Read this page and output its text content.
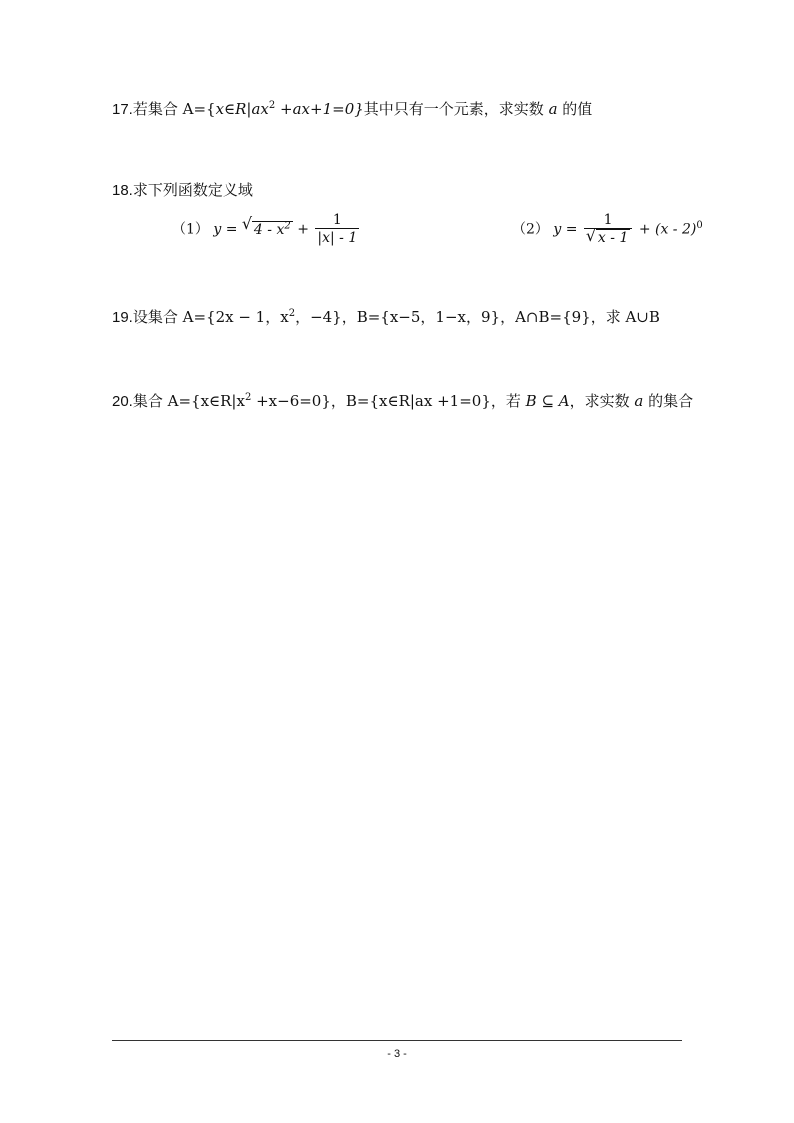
17.若集合 $A=\{x\in R|ax^2 +ax+1=0\}$其中只有一个元素，求实数 a 的值
18.求下列函数定义域
（1） y = √ $4 - x^2 + \frac{1}{|x| - 1}$	（2） $y = \frac{1}{√ x - 1} + (x - 2)^0$
19.设集合 A={2x − 1，$x^2$，−4}，B={x−5，1−x，9}，A∩B={9}，求 A∪B
20.集合 $A=\{x\in R|x^2 +x-6=0\}$，B={x∈R|ax +1=0}，若 B ⊆ A，求实数 a 的集合
- 3 -
